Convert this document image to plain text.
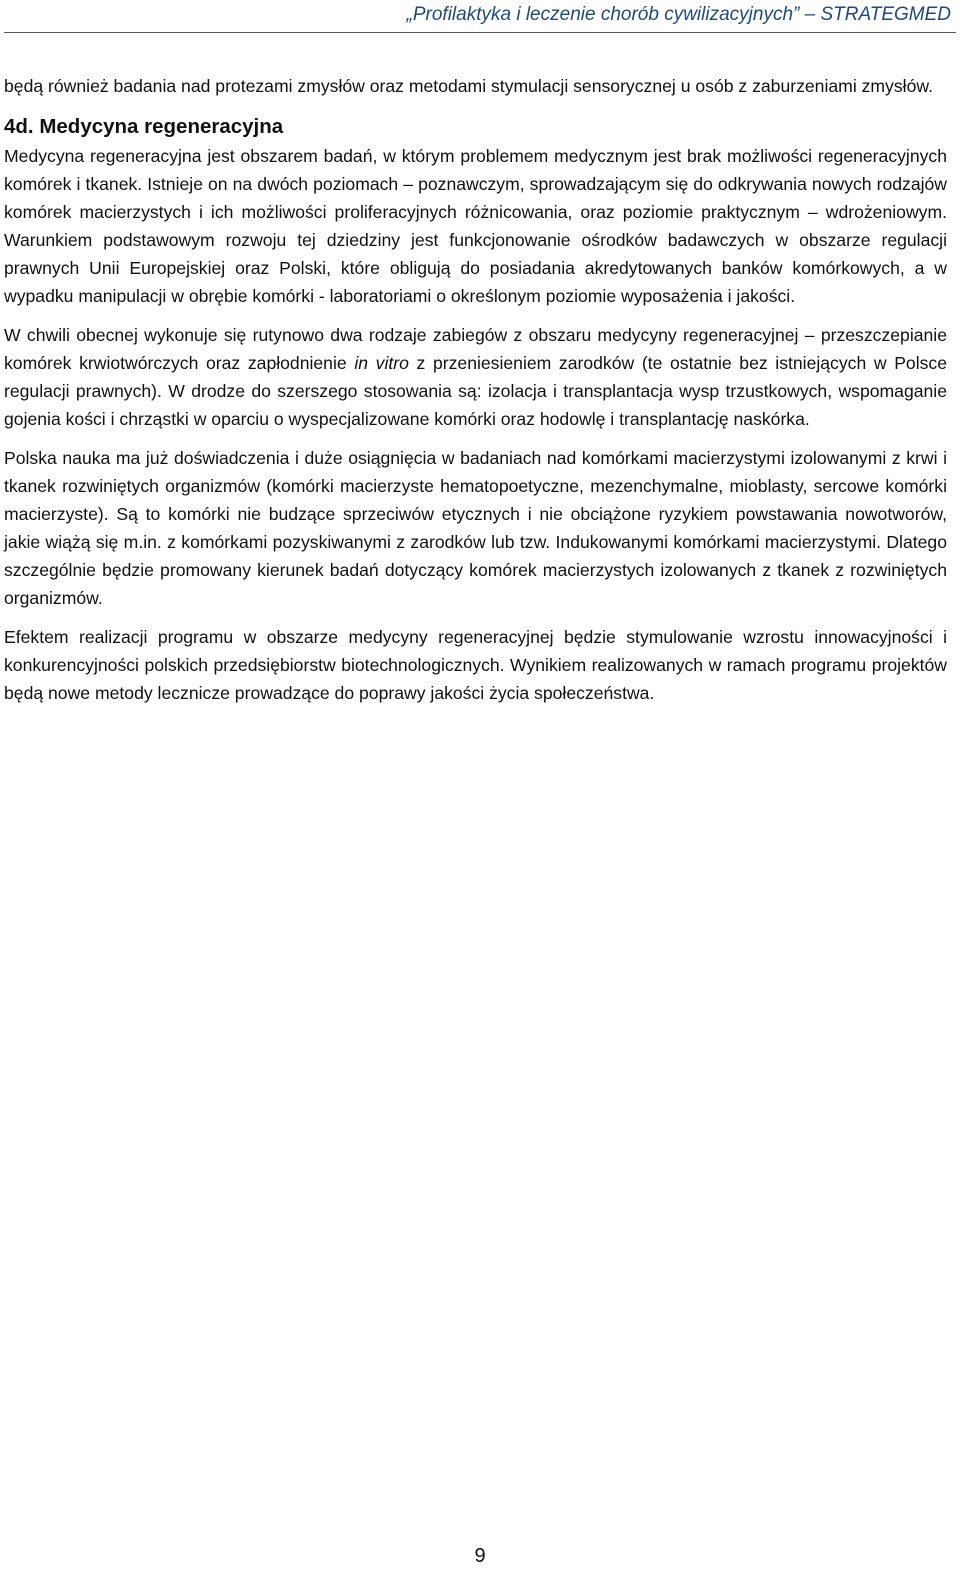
„Profilaktyka i leczenie chorób cywilizacyjnych” – STRATEGMED

będą również badania nad protezami zmysłów oraz metodami stymulacji sensorycznej u osób z zaburzeniami zmysłów.

4d. Medycyna regeneracyjna

Medycyna regeneracyjna jest obszarem badań, w którym problemem medycznym jest brak możliwości regeneracyjnych komórek i tkanek. Istnieje on na dwóch poziomach – poznawczym, sprowadzającym się do odkrywania nowych rodzajów komórek macierzystych i ich możliwości proliferacyjnych różnicowania, oraz poziomie praktycznym – wdrożeniowym. Warunkiem podstawowym rozwoju tej dziedziny jest funkcjonowanie ośrodków badawczych w obszarze regulacji prawnych Unii Europejskiej oraz Polski, które obligują do posiadania akredytowanych banków komórkowych, a w wypadku manipulacji w obrębie komórki - laboratoriami o określonym poziomie wyposażenia i jakości.

W chwili obecnej wykonuje się rutynowo dwa rodzaje zabiegów z obszaru medycyny regeneracyjnej – przeszczepianie komórek krwiotwórczych oraz zapłodnienie in vitro z przeniesieniem zarodków (te ostatnie bez istniejących w Polsce regulacji prawnych). W drodze do szerszego stosowania są: izolacja i transplantacja wysp trzustkowych, wspomaganie gojenia kości i chrząstki w oparciu o wyspecjalizowane komórki oraz hodowlę i transplantację naskórka.

Polska nauka ma już doświadczenia i duże osiągnięcia w badaniach nad komórkami macierzystymi izolowanymi z krwi i tkanek rozwiniętych organizmów (komórki macierzyste hematopoetyczne, mezenchymalne, mioblasty, sercowe komórki macierzyste). Są to komórki nie budzące sprzeciwów etycznych i nie obciążone ryzykiem powstawania nowotworów, jakie wiążą się m.in. z komórkami pozyskiwanymi z zarodków lub tzw. Indukowanymi komórkami macierzystymi. Dlatego szczególnie będzie promowany kierunek badań dotyczący komórek macierzystych izolowanych z tkanek z rozwiniętych organizmów.

Efektem realizacji programu w obszarze medycyny regeneracyjnej będzie stymulowanie wzrostu innowacyjności i konkurencyjności polskich przedsiębiorstw biotechnologicznych. Wynikiem realizowanych w ramach programu projektów będą nowe metody lecznicze prowadzące do poprawy jakości życia społeczeństwa.

9
